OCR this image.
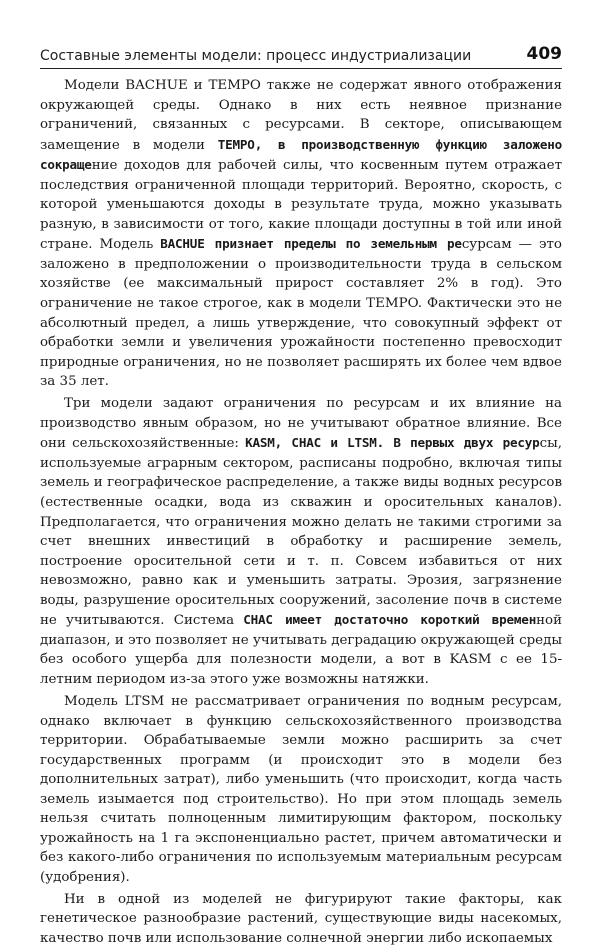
Составные элементы модели: процесс индустриализации	409

Модели BACHUE и TEMPO также не содержат явного отображения окружающей среды. Однако в них есть неявное признание ограничений, связанных с ресурсами. В секторе, описывающем замещение в модели TEMPO, в производственную функцию заложено сокращение доходов для рабочей силы, что косвенным путем отражает последствия ограниченной площади территорий. Вероятно, скорость, с которой уменьшаются доходы в результате труда, можно указывать разную, в зависимости от того, какие площади доступны в той или иной стране. Модель BACHUE признает пределы по земельным ресурсам — это заложено в предположении о производительности труда в сельском хозяйстве (ее максимальный прирост составляет 2% в год). Это ограничение не такое строгое, как в модели TEMPO. Фактически это не абсолютный предел, а лишь утверждение, что совокупный эффект от обработки земли и увеличения урожайности постепенно превосходит природные ограничения, но не позволяет расширять их более чем вдвое за 35 лет.

Три модели задают ограничения по ресурсам и их влияние на производство явным образом, но не учитывают обратное влияние. Все они сельскохозяйственные: KASM, CHAC и LTSM. В первых двух ресурсы, используемые аграрным сектором, расписаны подробно, включая типы земель и географическое распределение, а также виды водных ресурсов (естественные осадки, вода из скважин и оросительных каналов). Предполагается, что ограничения можно делать не такими строгими за счет внешних инвестиций в обработку и расширение земель, построение оросительной сети и т. п. Совсем избавиться от них невозможно, равно как и уменьшить затраты. Эрозия, загрязнение воды, разрушение оросительных сооружений, засоление почв в системе не учитываются. Система CHAC имеет достаточно короткий временной диапазон, и это позволяет не учитывать деградацию окружающей среды без особого ущерба для полезности модели, а вот в KASM с ее 15-летним периодом из-за этого уже возможны натяжки.

Модель LTSM не рассматривает ограничения по водным ресурсам, однако включает в функцию сельскохозяйственного производства территории. Обрабатываемые земли можно расширить за счет государственных программ (и происходит это в модели без дополнительных затрат), либо уменьшить (что происходит, когда часть земель изымается под строительство). Но при этом площадь земель нельзя считать полноценным лимитирующим фактором, поскольку урожайность на 1 га экспоненциально растет, причем автоматически и без какого-либо ограничения по используемым материальным ресурсам (удобрения).

Ни в одной из моделей не фигурируют такие факторы, как генетическое разнообразие растений, существующие виды насекомых, качество почв или использование солнечной энергии либо ископаемых
